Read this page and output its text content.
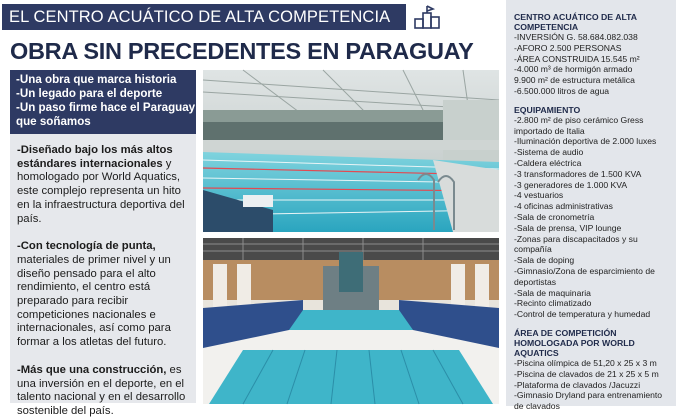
EL CENTRO ACUÁTICO DE ALTA COMPETENCIA
OBRA SIN PRECEDENTES EN PARAGUAY
-Una obra que marca historia
-Un legado para el deporte
-Un paso firme hace el Paraguay
que soñamos

-Diseñado bajo los más altos estándares internacionales y homologado por World Aquatics, este complejo representa un hito en la infraestructura deportiva del país.

-Con tecnología de punta, materiales de primer nivel y un diseño pensado para el alto rendimiento, el centro está preparado para recibir competiciones nacionales e internacionales, así como para formar a los atletas del futuro.

-Más que una construcción, es una inversión en el deporte, en el talento nacional y en el desarrollo sostenible del país.

CENTRO ACUÁTICO DE ALTA COMPETENCIA
-INVERSIÓN G. 58.684.082.038
-AFORO 2.500 PERSONAS
-ÁREA CONSTRUIDA 15.545 m²
-4.000 m³ de hormigón armado
9.900 m² de estructura metálica
-6.500.000 litros de agua
EQUIPAMIENTO
-2.800 m² de piso cerámico Gress importado de Italia
-Iluminación deportiva de 2.000 luxes
-Sistema de audio
-Caldera eléctrica
-3 transformadores de 1.500 KVA
-3 generadores de 1.000 KVA
-4 vestuarios
-4 oficinas administrativas
-Sala de cronometría
-Sala de prensa, VIP lounge
-Zonas para discapacitados y su compañía
-Sala de doping
-Gimnasio/Zona de esparcimiento de deportistas
-Sala de maquinaria
-Recinto climatizado
-Control de temperatura y humedad
ÁREA DE COMPETICIÓN HOMOLOGADA POR WORLD AQUATICS
-Piscina olímpica de 51,20 x 25 x 3 m
-Piscina de clavados de 21 x 25 x 5 m
-Plataforma de clavados /Jacuzzi
-Gimnasio Dryland para entrenamiento de clavados
